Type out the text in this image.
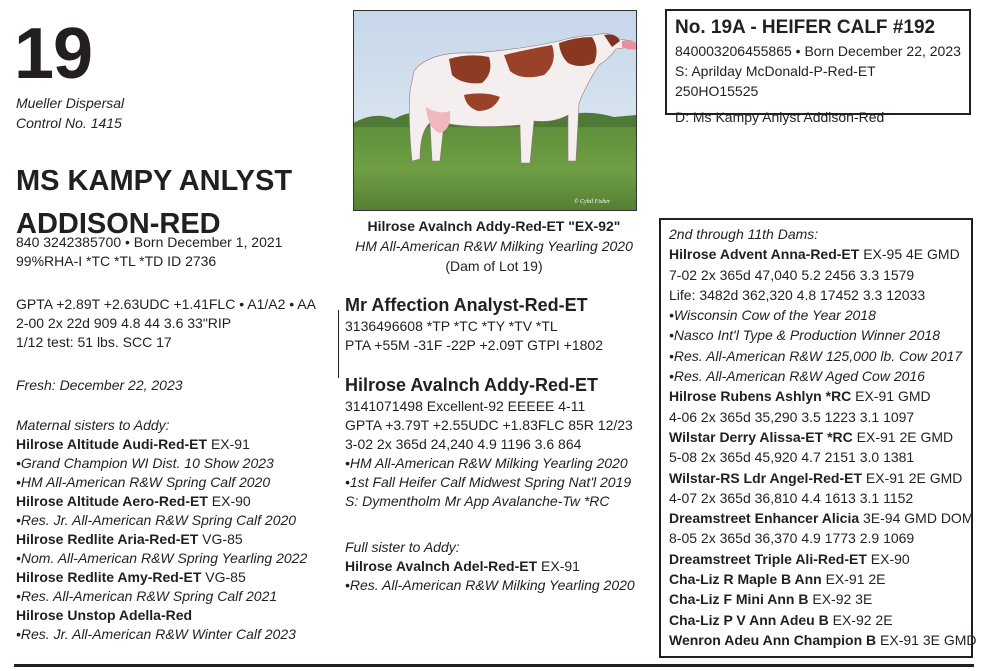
19
Mueller Dispersal
Control No. 1415
MS KAMPY ANLYST
ADDISON-RED
840 3242385700 • Born December 1, 2021
99%RHA-I *TC *TL *TD ID 2736
GPTA +2.89T +2.63UDC +1.41FLC • A1/A2 • AA
2-00 2x 22d 909 4.8 44 3.6 33"RIP
1/12 test: 51 lbs. SCC 17
Fresh: December 22, 2023
Maternal sisters to Addy:
Hilrose Altitude Audi-Red-ET EX-91
•Grand Champion WI Dist. 10 Show 2023
•HM All-American R&W Spring Calf 2020
Hilrose Altitude Aero-Red-ET EX-90
•Res. Jr. All-American R&W Spring Calf 2020
Hilrose Redlite Aria-Red-ET VG-85
•Nom. All-American R&W Spring Yearling 2022
Hilrose Redlite Amy-Red-ET VG-85
•Res. All-American R&W Spring Calf 2021
Hilrose Unstop Adella-Red
•Res. Jr. All-American R&W Winter Calf 2023
© Cybil Fisher
Hilrose Avalnch Addy-Red-ET "EX-92"
HM All-American R&W Milking Yearling 2020
(Dam of Lot 19)
Mr Affection Analyst-Red-ET
3136496608 *TP *TC *TY *TV *TL
PTA +55M -31F -22P +2.09T GTPI +1802
Hilrose Avalnch Addy-Red-ET
3141071498 Excellent-92 EEEEE 4-11
GPTA +3.79T +2.55UDC +1.83FLC 85R 12/23
3-02 2x 365d 24,240 4.9 1196 3.6 864
•HM All-American R&W Milking Yearling 2020
•1st Fall Heifer Calf Midwest Spring Nat'l 2019
S: Dymentholm Mr App Avalanche-Tw *RC
Full sister to Addy:
Hilrose Avalnch Adel-Red-ET EX-91
•Res. All-American R&W Milking Yearling 2020
No. 19A - HEIFER CALF #192
840003206455865 • Born December 22, 2023
S: Aprilday McDonald-P-Red-ET 250HO15525
D: Ms Kampy Anlyst Addison-Red
2nd through 11th Dams:
Hilrose Advent Anna-Red-ET EX-95 4E GMD
7-02 2x 365d 47,040 5.2 2456 3.3 1579
Life: 3482d 362,320 4.8 17452 3.3 12033
•Wisconsin Cow of the Year 2018
•Nasco Int'l Type & Production Winner 2018
•Res. All-American R&W 125,000 lb. Cow 2017
•Res. All-American R&W Aged Cow 2016
Hilrose Rubens Ashlyn *RC EX-91 GMD
4-06 2x 365d 35,290 3.5 1223 3.1 1097
Wilstar Derry Alissa-ET *RC EX-91 2E GMD
5-08 2x 365d 45,920 4.7 2151 3.0 1381
Wilstar-RS Ldr Angel-Red-ET EX-91 2E GMD
4-07 2x 365d 36,810 4.4 1613 3.1 1152
Dreamstreet Enhancer Alicia 3E-94 GMD DOM
8-05 2x 365d 36,370 4.9 1773 2.9 1069
Dreamstreet Triple Ali-Red-ET EX-90
Cha-Liz R Maple B Ann EX-91 2E
Cha-Liz F Mini Ann B EX-92 3E
Cha-Liz P V Ann Adeu B EX-92 2E
Wenron Adeu Ann Champion B EX-91 3E GMD
